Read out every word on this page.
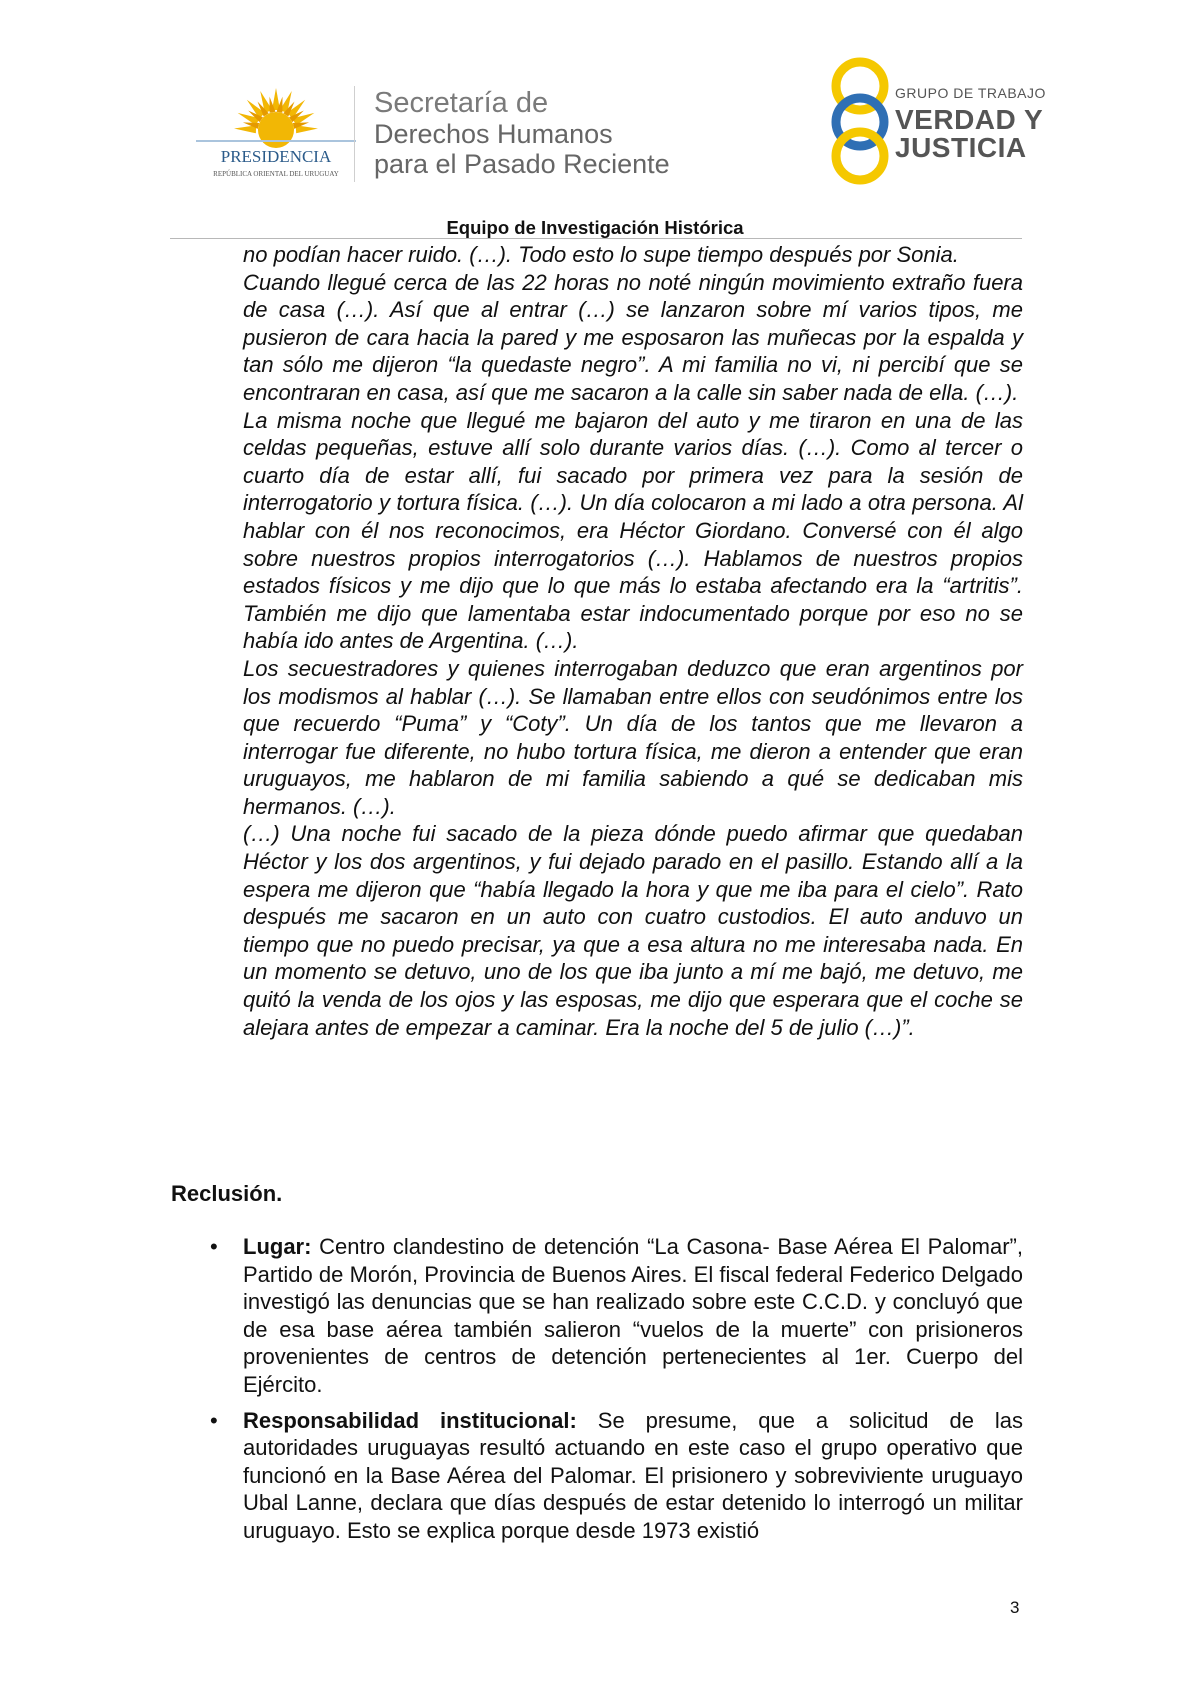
PRESIDENCIA
REPÚBLICA ORIENTAL DEL URUGUAY
Secretaría de
Derechos Humanos
para el Pasado Reciente
GRUPO DE TRABAJO
VERDAD Y
JUSTICIA
Equipo de Investigación Histórica

no podían hacer ruido. (…). Todo esto lo supe tiempo después por Sonia.

Cuando llegué cerca de las 22 horas no noté ningún movimiento extraño fuera de casa (…). Así que al entrar (…) se lanzaron sobre mí varios tipos, me pusieron de cara hacia la pared y me esposaron las muñecas por la espalda y tan sólo me dijeron “la quedaste negro”. A mi familia no vi, ni percibí que se encontraran en casa, así que me sacaron a la calle sin saber nada de ella. (…).

La misma noche que llegué me bajaron del auto y me tiraron en una de las celdas pequeñas, estuve allí solo durante varios días. (…). Como al tercer o cuarto día de estar allí, fui sacado por primera vez para la sesión de interrogatorio y tortura física. (…). Un día colocaron a mi lado a otra persona. Al hablar con él nos reconocimos, era Héctor Giordano. Conversé con él algo sobre nuestros propios interrogatorios (…). Hablamos de nuestros propios estados físicos y me dijo que lo que más lo estaba afectando era la “artritis”. También me dijo que lamentaba estar indocumentado porque por eso no se había ido antes de Argentina. (…).

Los secuestradores y quienes interrogaban deduzco que eran argentinos por los modismos al hablar (…). Se llamaban entre ellos con seudónimos entre los que recuerdo “Puma” y “Coty”. Un día de los tantos que me llevaron a interrogar fue diferente, no hubo tortura física, me dieron a entender que eran uruguayos, me hablaron de mi familia sabiendo a qué se dedicaban mis hermanos. (…).

(…) Una noche fui sacado de la pieza dónde puedo afirmar que quedaban Héctor y los dos argentinos, y fui dejado parado en el pasillo. Estando allí a la espera me dijeron que “había llegado la hora y que me iba para el cielo”. Rato después me sacaron en un auto con cuatro custodios. El auto anduvo un tiempo que no puedo precisar, ya que a esa altura no me interesaba nada. En un momento se detuvo, uno de los que iba junto a mí me bajó, me detuvo, me quitó la venda de los ojos y las esposas, me dijo que esperara que el coche se alejara antes de empezar a caminar. Era la noche del 5 de julio (…)”.

Reclusión.
• Lugar: Centro clandestino de detención “La Casona- Base Aérea El Palomar”, Partido de Morón, Provincia de Buenos Aires. El fiscal federal Federico Delgado investigó las denuncias que se han realizado sobre este C.C.D. y concluyó que de esa base aérea también salieron “vuelos de la muerte” con prisioneros provenientes de centros de detención pertenecientes al 1er. Cuerpo del Ejército.
• Responsabilidad institucional: Se presume, que a solicitud de las autoridades uruguayas resultó actuando en este caso el grupo operativo que funcionó en la Base Aérea del Palomar. El prisionero y sobreviviente uruguayo Ubal Lanne, declara que días después de estar detenido lo interrogó un militar uruguayo. Esto se explica porque desde 1973 existió
3
